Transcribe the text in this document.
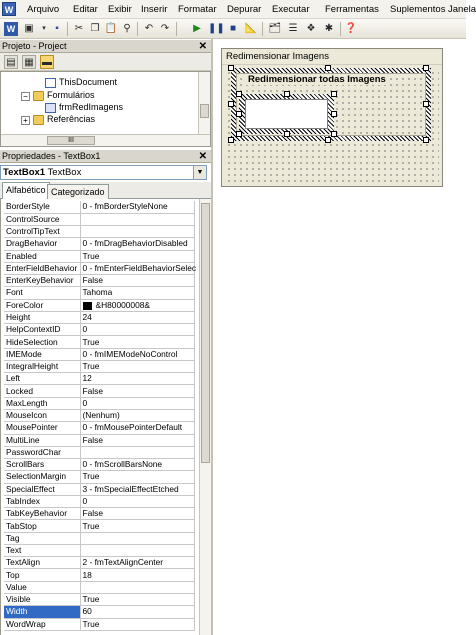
W Arquivo Editar Exibir Inserir Formatar Depurar Executar Ferramentas Suplementos Janela
W ▣	▾ ▪	✂ ❐ 📋 ⚲	↶ ↷	▶ ❚❚ ■ 📐 🗂 ☰ ❖ ✱ ❓
Projeto - Project	✕
▤ ▦ ▬
ThisDocument
−	Formulários
frmRedImagens
+	Referências
III
Propriedades - TextBox1	✕
TextBox1 TextBox	▼
Alfabético Categorizado
BorderStyle	0 - fmBorderStyleNone
ControlSource	
ControlTipText	
DragBehavior	0 - fmDragBehaviorDisabled
Enabled	True
EnterFieldBehavior	0 - fmEnterFieldBehaviorSelec
EnterKeyBehavior	False
Font	Tahoma
ForeColor	&H80000008&
Height	24
HelpContextID	0
HideSelection	True
IMEMode	0 - fmIMEModeNoControl
IntegralHeight	True
Left	12
Locked	False
MaxLength	0
MouseIcon	(Nenhum)
MousePointer	0 - fmMousePointerDefault
MultiLine	False
PasswordChar	
ScrollBars	0 - fmScrollBarsNone
SelectionMargin	True
SpecialEffect	3 - fmSpecialEffectEtched
TabIndex	0
TabKeyBehavior	False
TabStop	True
Tag	
Text	
TextAlign	2 - fmTextAlignCenter
Top	18
Value	
Visible	True
Width	60
WordWrap	True
Redimensionar Imagens
Redimensionar todas Imagens
